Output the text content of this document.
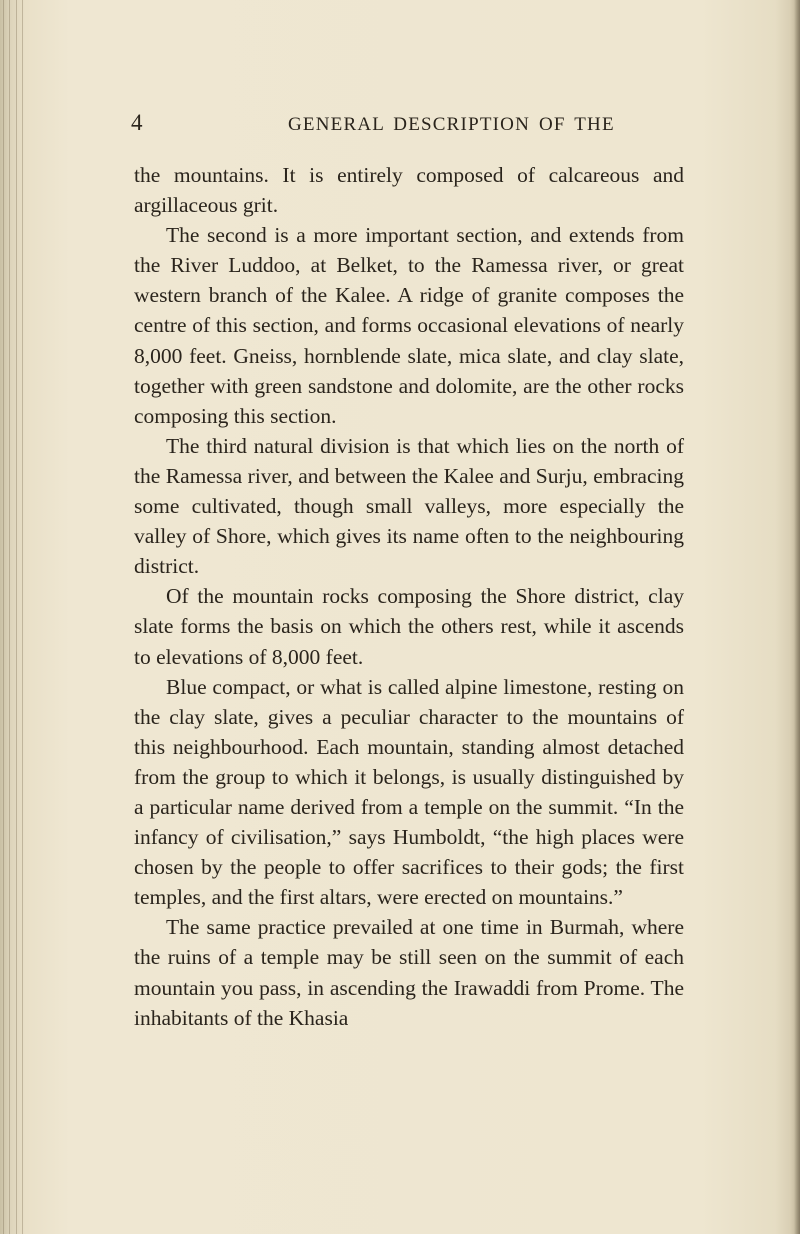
4	GENERAL DESCRIPTION OF THE

the mountains. It is entirely composed of calcareous and argillaceous grit.

The second is a more important section, and extends from the River Luddoo, at Belket, to the Ramessa river, or great western branch of the Kalee. A ridge of granite composes the centre of this section, and forms occasional elevations of nearly 8,000 feet. Gneiss, hornblende slate, mica slate, and clay slate, together with green sandstone and dolomite, are the other rocks composing this section.

The third natural division is that which lies on the north of the Ramessa river, and between the Kalee and Surju, embracing some cultivated, though small valleys, more especially the valley of Shore, which gives its name often to the neighbouring district.

Of the mountain rocks composing the Shore district, clay slate forms the basis on which the others rest, while it ascends to elevations of 8,000 feet.

Blue compact, or what is called alpine limestone, resting on the clay slate, gives a peculiar character to the mountains of this neighbourhood. Each mountain, standing almost detached from the group to which it belongs, is usually distinguished by a particular name derived from a temple on the summit. “In the infancy of civilisation,” says Humboldt, “the high places were chosen by the people to offer sacrifices to their gods; the first temples, and the first altars, were erected on mountains.”

The same practice prevailed at one time in Burmah, where the ruins of a temple may be still seen on the summit of each mountain you pass, in ascending the Irawaddi from Prome. The inhabitants of the Khasia
